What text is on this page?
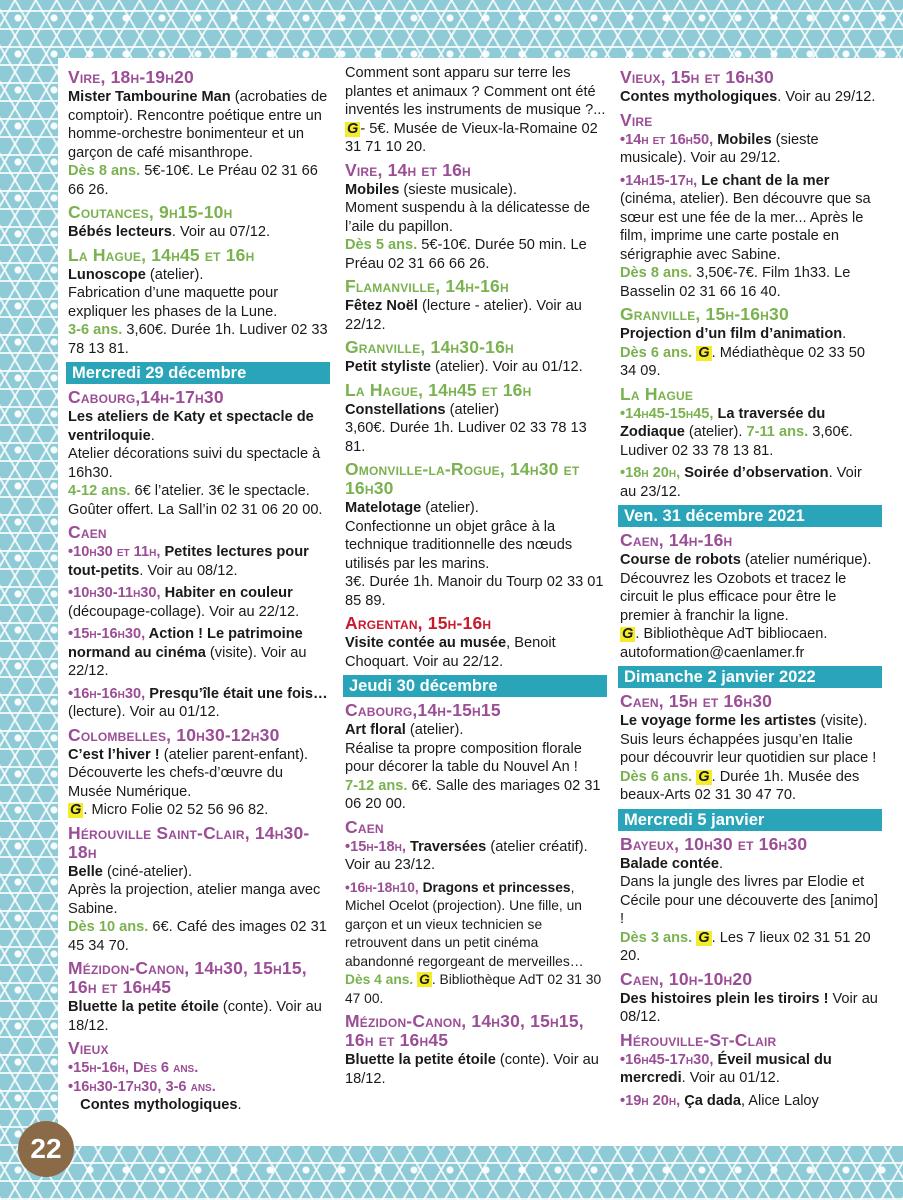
Vire, 18h-19h20

Mister Tambourine Man (acrobaties de comptoir). Rencontre poétique entre un homme-orchestre bonimenteur et un garçon de café misanthrope.
Dès 8 ans. 5€-10€. Le Préau 02 31 66 66 26.

Coutances, 9h15-10h

Bébés lecteurs. Voir au 07/12.

La Hague, 14h45 et 16h

Lunoscope (atelier).
Fabrication d’une maquette pour expliquer les phases de la Lune.
3-6 ans. 3,60€. Durée 1h. Ludiver 02 33 78 13 81.

Mercredi 29 décembre
Cabourg,14h-17h30

Les ateliers de Katy et spectacle de ventriloquie.
Atelier décorations suivi du spectacle à 16h30.
4-12 ans. 6€ l’atelier. 3€ le spectacle. Goûter offert. La Sall’in 02 31 06 20 00.

Caen

•10h30 et 11h, Petites lectures pour tout-petits. Voir au 08/12.

•10h30-11h30, Habiter en couleur (découpage-collage). Voir au 22/12.

•15h-16h30, Action ! Le patrimoine normand au cinéma (visite). Voir au 22/12.

•16h-16h30, Presqu’île était une fois… (lecture). Voir au 01/12.

Colombelles, 10h30-12h30

C’est l’hiver ! (atelier parent-enfant). Découverte les chefs-d’œuvre du Musée Numérique.
G . Micro Folie 02 52 56 96 82.

Hérouville Saint-Clair, 14h30-18h

Belle (ciné-atelier).
Après la projection, atelier manga avec Sabine.
Dès 10 ans. 6€. Café des images 02 31 45 34 70.

Mézidon-Canon, 14h30, 15h15, 16h et 16h45

Bluette la petite étoile (conte). Voir au 18/12.

Vieux

•15h-16h, Dès 6 ans.
•16h30-17h30, 3-6 ans.
Contes mythologiques.

Comment sont apparu sur terre les plantes et animaux ? Comment ont été inventés les instruments de musique ?...
G - 5€. Musée de Vieux-la-Romaine 02 31 71 10 20.

Vire, 14h et 16h

Mobiles (sieste musicale).
Moment suspendu à la délicatesse de l’aile du papillon.
Dès 5 ans. 5€-10€. Durée 50 min. Le Préau 02 31 66 66 26.

Flamanville, 14h-16h

Fêtez Noël (lecture - atelier). Voir au 22/12.

Granville, 14h30-16h

Petit styliste (atelier). Voir au 01/12.

La Hague, 14h45 et 16h

Constellations (atelier)
3,60€. Durée 1h. Ludiver 02 33 78 13 81.

Omonville-la-Rogue, 14h30 et 16h30

Matelotage (atelier).
Confectionne un objet grâce à la technique traditionnelle des nœuds utilisés par les marins.
3€. Durée 1h. Manoir du Tourp 02 33 01 85 89.

Argentan, 15h-16h

Visite contée au musée, Benoit Choquart. Voir au 22/12.

Jeudi 30 décembre
Cabourg,14h-15h15

Art floral (atelier).
Réalise ta propre composition florale pour décorer la table du Nouvel An !
7-12 ans. 6€. Salle des mariages 02 31 06 20 00.

Caen

•15h-18h, Traversées (atelier créatif). Voir au 23/12.

•16h-18h10, Dragons et princesses, Michel Ocelot (projection). Une fille, un garçon et un vieux technicien se retrouvent dans un petit cinéma abandonné regorgeant de merveilles…
Dès 4 ans. G . Bibliothèque AdT 02 31 30 47 00.

Mézidon-Canon, 14h30, 15h15, 16h et 16h45

Bluette la petite étoile (conte). Voir au 18/12.

Vieux, 15h et 16h30

Contes mythologiques. Voir au 29/12.

Vire

•14h et 16h50, Mobiles (sieste musicale). Voir au 29/12.

•14h15-17h, Le chant de la mer (cinéma, atelier). Ben découvre que sa sœur est une fée de la mer... Après le film, imprime une carte postale en sérigraphie avec Sabine.
Dès 8 ans. 3,50€-7€. Film 1h33. Le Basselin 02 31 66 16 40.

Granville, 15h-16h30

Projection d’un film d’animation.
Dès 6 ans. G . Médiathèque 02 33 50 34 09.

La Hague

•14h45-15h45, La traversée du Zodiaque (atelier). 7-11 ans. 3,60€. Ludiver 02 33 78 13 81.

•18h 20h, Soirée d’observation. Voir au 23/12.

Ven. 31 décembre 2021
Caen, 14h-16h

Course de robots (atelier numérique). Découvrez les Ozobots et tracez le circuit le plus efficace pour être le premier à franchir la ligne.
G . Bibliothèque AdT bibliocaen. autoformation@caenlamer.fr

Dimanche 2 janvier 2022
Caen, 15h et 16h30

Le voyage forme les artistes (visite). Suis leurs échappées jusqu’en Italie pour découvrir leur quotidien sur place !
Dès 6 ans. G . Durée 1h. Musée des beaux-Arts 02 31 30 47 70.

Mercredi 5 janvier
Bayeux, 10h30 et 16h30

Balade contée.
Dans la jungle des livres par Elodie et Cécile pour une découverte des [animo] !
Dès 3 ans. G . Les 7 lieux 02 31 51 20 20.

Caen, 10h-10h20

Des histoires plein les tiroirs ! Voir au 08/12.

Hérouville-St-Clair

•16h45-17h30, Éveil musical du mercredi. Voir au 01/12.

•19h 20h, Ça dada, Alice Laloy

22
